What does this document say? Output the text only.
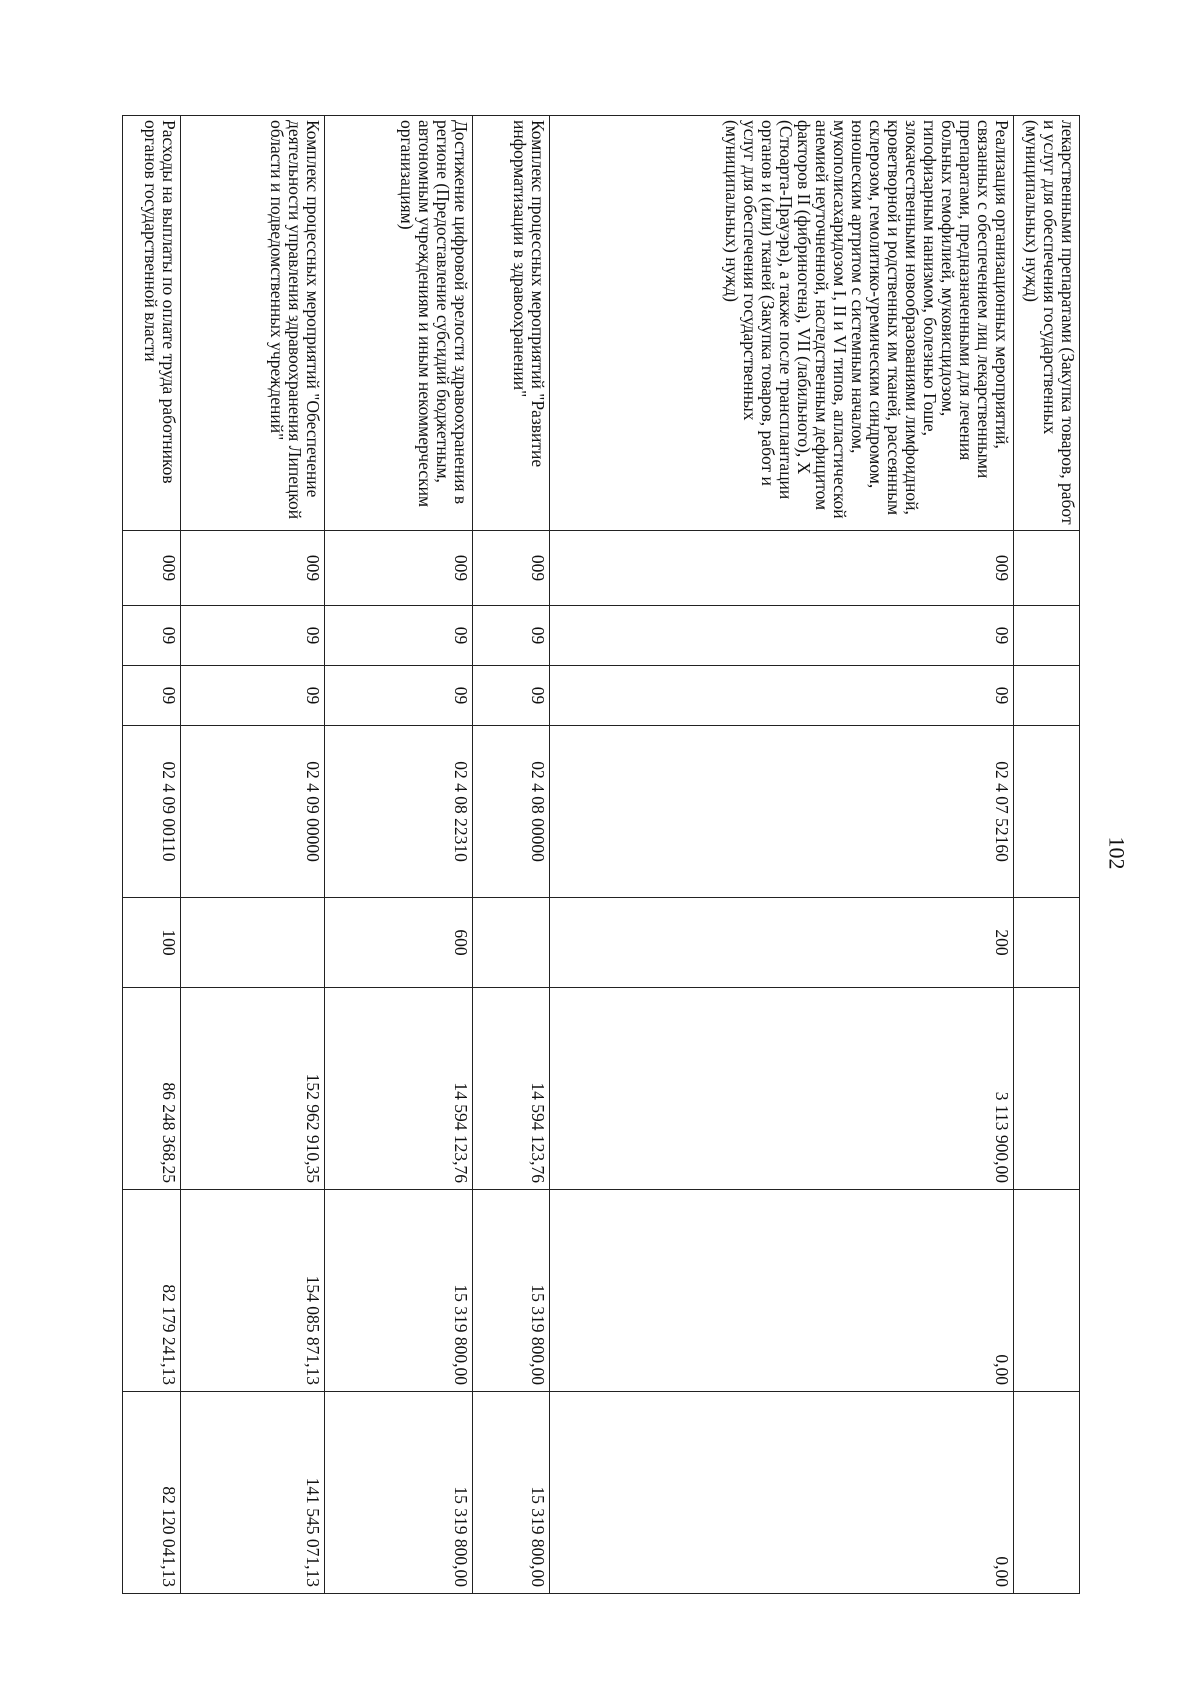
102
лекарственными препаратами (Закупка товаров, работ и услуг для обеспечения государственных (муниципальных) нужд)								
Реализация организационных мероприятий, связанных с обеспечением лиц лекарственными препаратами, предназначенными для лечения больных гемофилией, муковисцидозом, гипофизарным нанизмом, болезнью Гоше, злокачественными новообразованиями лимфоидной, кроветворной и родственных им тканей, рассеянным склерозом, гемолитико-уремическим синдромом, юношеским артритом с системным началом, мукополисахаридозом I, II и VI типов, апластической анемией неуточненной, наследственным дефицитом факторов II (фибриногена), VII (лабильного), X (Стюарта-Прауэра), а также после трансплантации органов и (или) тканей (Закупка товаров, работ и услуг для обеспечения государственных (муниципальных) нужд)	009	09	09	02 4 07 52160	200	3 113 900,00	0,00	0,00
Комплекс процессных мероприятий "Развитие информатизации в здравоохранении"	009	09	09	02 4 08 00000		14 594 123,76	15 319 800,00	15 319 800,00
Достижение цифровой зрелости здравоохранения в регионе (Предоставление субсидий бюджетным, автономным учреждениям и иным некоммерческим организациям)	009	09	09	02 4 08 22310	600	14 594 123,76	15 319 800,00	15 319 800,00
Комплекс процессных мероприятий "Обеспечение деятельности управления здравоохранения Липецкой области и подведомственных учреждений"	009	09	09	02 4 09 00000		152 962 910,35	154 085 871,13	141 545 071,13
Расходы на выплаты по оплате труда работников органов государственной власти	009	09	09	02 4 09 00110	100	86 248 368,25	82 179 241,13	82 120 041,13
